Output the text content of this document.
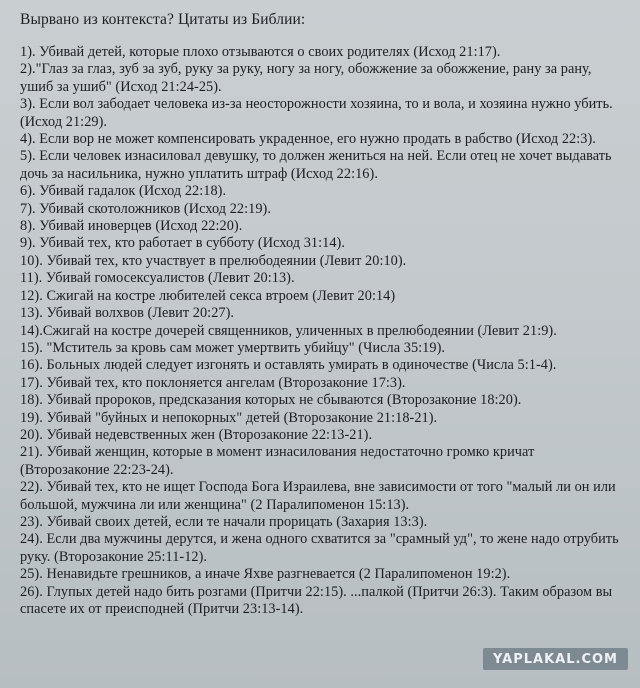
Вырвано из контекста? Цитаты из Библии:
1). Убивай детей, которые плохо отзываются о своих родителях (Исход 21:17).
2)."Глаз за глаз, зуб за зуб, руку за руку, ногу за ногу, обожжение за обожжение, рану за рану, ушиб за ушиб" (Исход 21:24-25).
3). Если вол забодает человека из-за неосторожности хозяина, то и вола, и хозяина нужно убить. (Исход 21:29).
4). Если вор не может компенсировать украденное, его нужно продать в рабство (Исход 22:3).
5). Если человек изнасиловал девушку, то должен жениться на ней. Если отец не хочет выдавать дочь за насильника, нужно уплатить штраф (Исход 22:16).
6). Убивай гадалок (Исход 22:18).
7). Убивай скотоложников (Исход 22:19).
8). Убивай иноверцев (Исход 22:20).
9). Убивай тех, кто работает в субботу (Исход 31:14).
10). Убивай тех, кто участвует в прелюбодеянии (Левит 20:10).
11). Убивай гомосексуалистов (Левит 20:13).
12). Сжигай на костре любителей секса втроем (Левит 20:14)
13). Убивай волхвов (Левит 20:27).
14).Сжигай на костре дочерей священников, уличенных в прелюбодеянии (Левит 21:9).
15). "Мститель за кровь сам может умертвить убийцу" (Числа 35:19).
16). Больных людей следует изгонять и оставлять умирать в одиночестве (Числа 5:1-4).
17). Убивай тех, кто поклоняется ангелам (Второзаконие 17:3).
18). Убивай пророков, предсказания которых не сбываются (Второзаконие 18:20).
19). Убивай "буйных и непокорных" детей (Второзаконие 21:18-21).
20). Убивай недевственных жен (Второзаконие 22:13-21).
21). Убивай женщин, которые в момент изнасилования недостаточно громко кричат (Второзаконие 22:23-24).
22). Убивай тех, кто не ищет Господа Бога Израилева, вне зависимости от того "малый ли он или большой, мужчина ли или женщина" (2 Паралипоменон 15:13).
23). Убивай своих детей, если те начали прорицать (Захария 13:3).
24). Если два мужчины дерутся, и жена одного схватится за "срамный уд", то жене надо отрубить руку. (Второзаконие 25:11-12).
25). Ненавидьте грешников, а иначе Яхве разгневается (2 Паралипоменон 19:2).
26). Глупых детей надо бить розгами (Притчи 22:15). ...палкой (Притчи 26:3). Таким образом вы спасете их от преисподней (Притчи 23:13-14).
YAPLAKAL.COM
